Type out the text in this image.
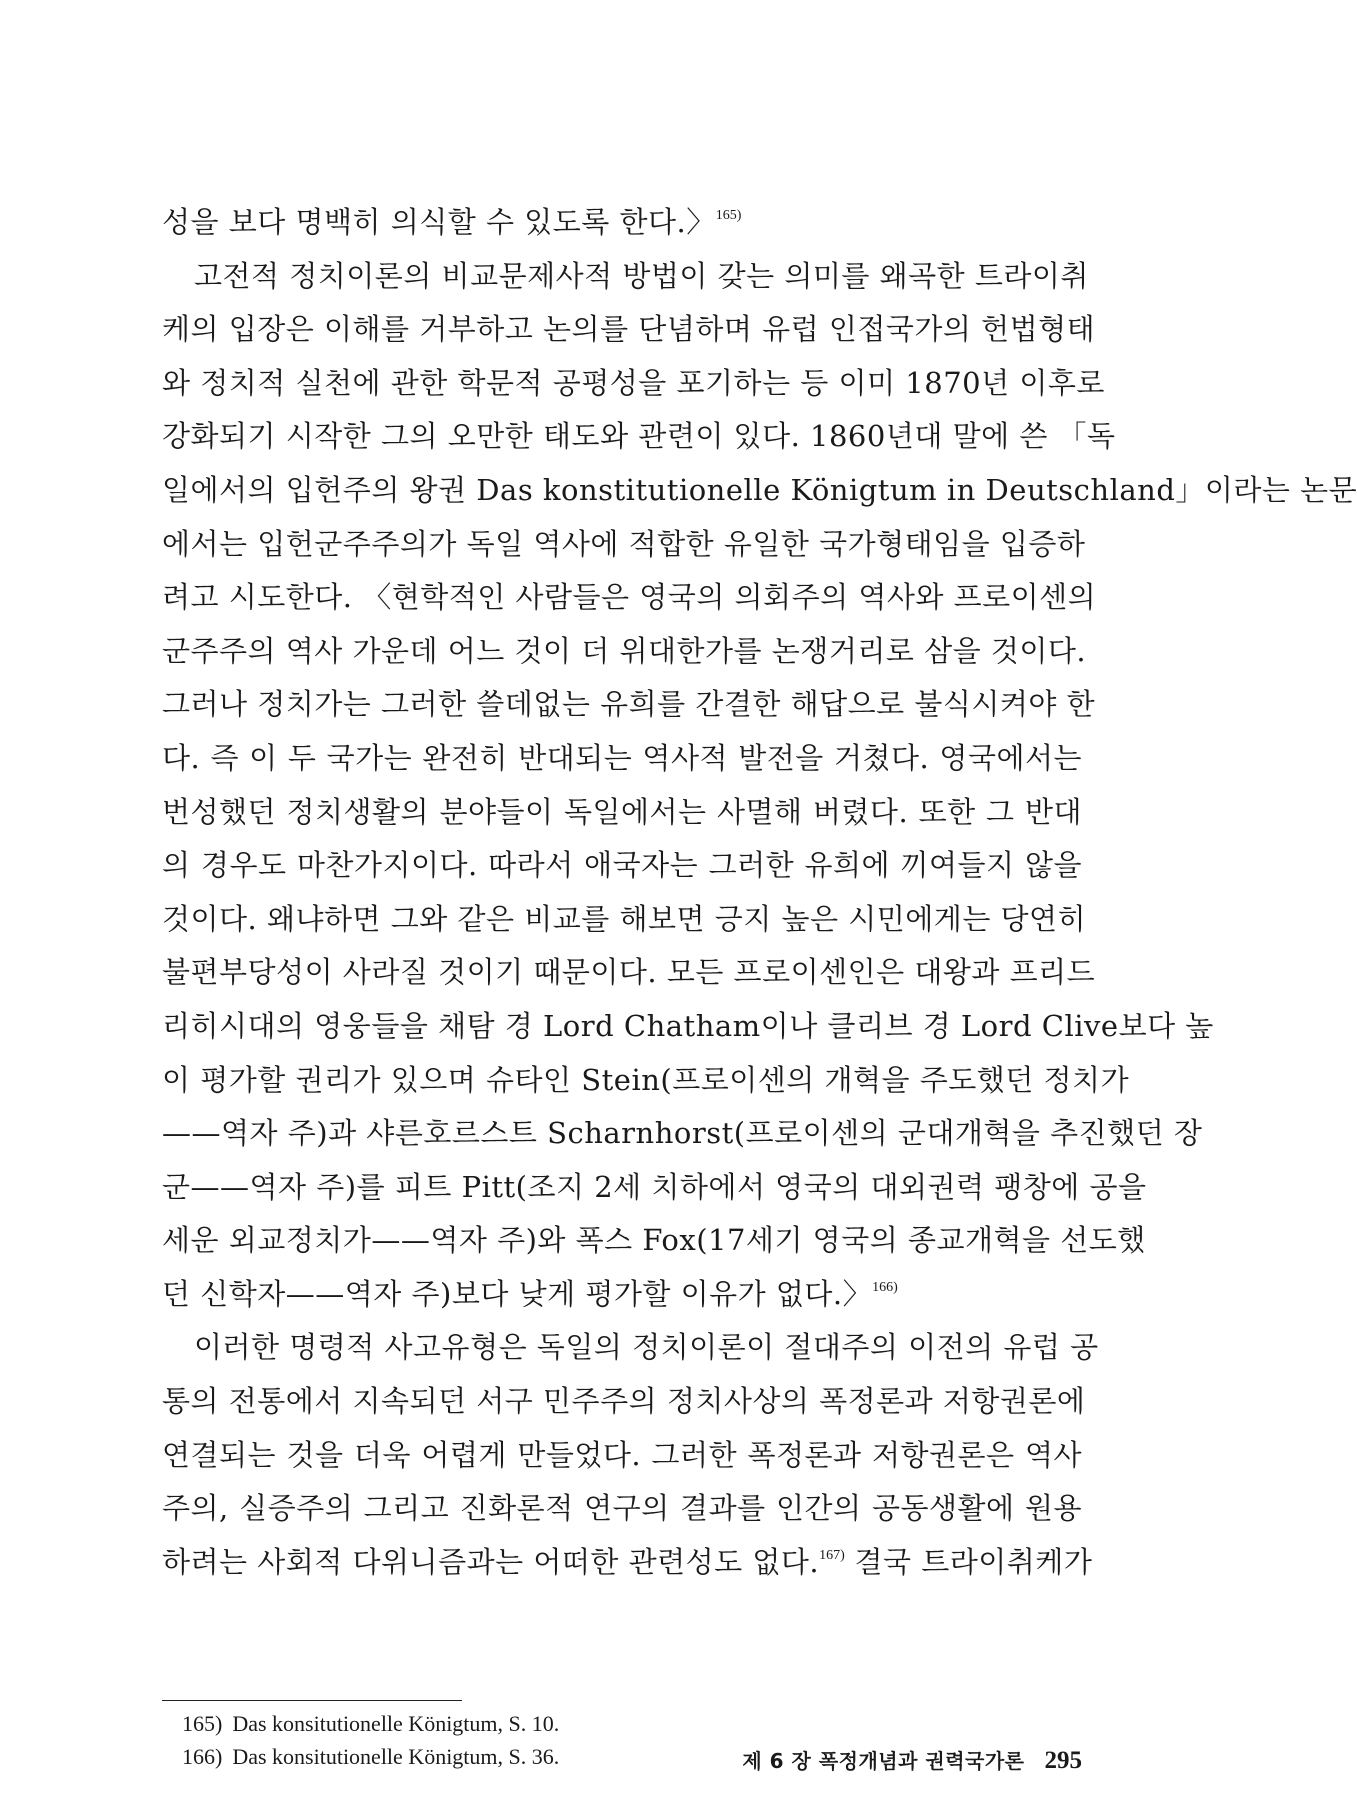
성을 보다 명백히 의식할 수 있도록 한다.〉$^{165)}$
고전적 정치이론의 비교문제사적 방법이 갖는 의미를 왜곡한 트라이취
케의 입장은 이해를 거부하고 논의를 단념하며 유럽 인접국가의 헌법형태
와 정치적 실천에 관한 학문적 공평성을 포기하는 등 이미 1870년 이후로
강화되기 시작한 그의 오만한 태도와 관련이 있다. 1860년대 말에 쓴 「독
일에서의 입헌주의 왕권 Das konstitutionelle Königtum in Deutschland」이라는 논문
에서는 입헌군주주의가 독일 역사에 적합한 유일한 국가형태임을 입증하
려고 시도한다. 〈현학적인 사람들은 영국의 의회주의 역사와 프로이센의
군주주의 역사 가운데 어느 것이 더 위대한가를 논쟁거리로 삼을 것이다.
그러나 정치가는 그러한 쓸데없는 유희를 간결한 해답으로 불식시켜야 한
다. 즉 이 두 국가는 완전히 반대되는 역사적 발전을 거쳤다. 영국에서는
번성했던 정치생활의 분야들이 독일에서는 사멸해 버렸다. 또한 그 반대
의 경우도 마찬가지이다. 따라서 애국자는 그러한 유희에 끼여들지 않을
것이다. 왜냐하면 그와 같은 비교를 해보면 긍지 높은 시민에게는 당연히
불편부당성이 사라질 것이기 때문이다. 모든 프로이센인은 대왕과 프리드
리히시대의 영웅들을 채탐 경 Lord Chatham이나 클리브 경 Lord Clive보다 높
이 평가할 권리가 있으며 슈타인 Stein(프로이센의 개혁을 주도했던 정치가
——역자 주)과 샤른호르스트 Scharnhorst(프로이센의 군대개혁을 추진했던 장
군——역자 주)를 피트 Pitt(조지 2세 치하에서 영국의 대외권력 팽창에 공을
세운 외교정치가——역자 주)와 폭스 Fox(17세기 영국의 종교개혁을 선도했
던 신학자——역자 주)보다 낮게 평가할 이유가 없다.〉$^{166)}$
이러한 명령적 사고유형은 독일의 정치이론이 절대주의 이전의 유럽 공
통의 전통에서 지속되던 서구 민주주의 정치사상의 폭정론과 저항권론에
연결되는 것을 더욱 어렵게 만들었다. 그러한 폭정론과 저항권론은 역사
주의, 실증주의 그리고 진화론적 연구의 결과를 인간의 공동생활에 원용
하려는 사회적 다위니즘과는 어떠한 관련성도 없다.$^{167)}$ 결국 트라이취케가
165) Das konsitutionelle Königtum, S. 10.
166) Das konsitutionelle Königtum, S. 36.	제 6 장 폭정개념과 권력국가론 295
